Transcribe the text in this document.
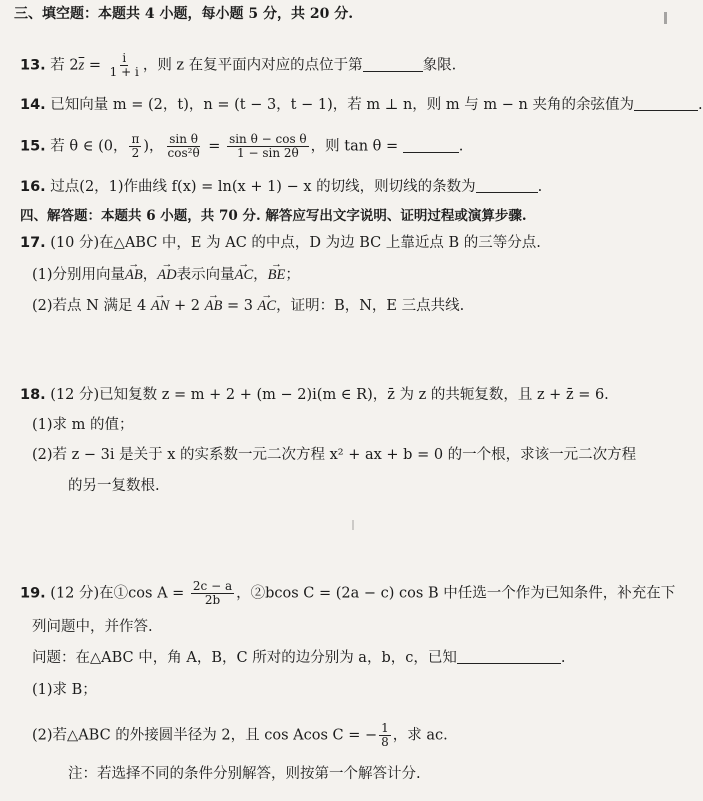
三、填空题：本题共 4 小题，每小题 5 分，共 20 分.
13. 若 $2\overline{z} = \frac{i}{1 + i}$ ，则 z 在复平面内对应的点位于第	象限.
14. 已知向量 m = (2，t)，n = (t − 3，t − 1)，若 m ⊥ n，则 m 与 m − n 夹角的余弦值为	.
15. 若 θ ∈ (0， $\frac{\pi}{2}$ )， $\frac{\text{sin θ}}{\text{cos²θ}} = \frac{\text{sin θ − cos θ}}{1 - \sin 2\theta}$ ，则 tan θ =	.
16. 过点(2，1)作曲线 f(x) = ln(x + 1) − x 的切线，则切线的条数为	.
四、解答题：本题共 6 小题，共 70 分. 解答应写出文字说明、证明过程或演算步骤.
17. (10 分)在△ABC 中，E 为 AC 的中点，D 为边 BC 上靠近点 B 的三等分点.
(1)分别用向量→ AB，→ AD表示向量→ AC，→ BE；
(2)若点 N 满足 4 → AN + 2 → AB = 3 → AC，证明：B，N，E 三点共线.
18. (12 分)已知复数 z = m + 2 + (m − 2)i(m ∈ R)，z̄ 为 z 的共轭复数，且 z + z̄ = 6.
(1)求 m 的值；
(2)若 z − 3i 是关于 x 的实系数一元二次方程 x² + ax + b = 0 的一个根，求该一元二次方程
的另一复数根.
19. (12 分)在①cos $A = \frac{2c - a}{2b}$ ，②bcos C = (2a − c) cos B 中任选一个作为已知条件，补充在下
列问题中，并作答.
问题：在△ABC 中，角 A，B，C 所对的边分别为 a，b，c，已知	.
(1)求 B；
(2)若△ABC 的外接圆半径为 2，且 cos Acos C = − $\frac{1}{8}$ ，求 ac.
注：若选择不同的条件分别解答，则按第一个解答计分.
